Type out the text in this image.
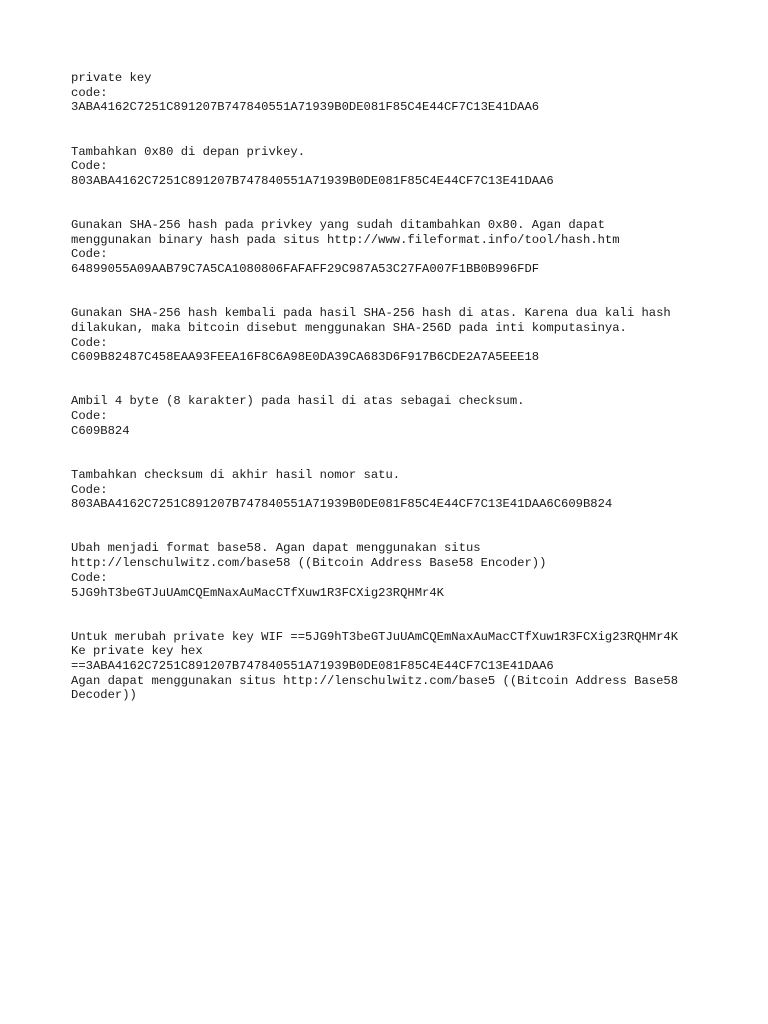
private key
code:
3ABA4162C7251C891207B747840551A71939B0DE081F85C4E44CF7C13E41DAA6
Tambahkan 0x80 di depan privkey.
Code:
803ABA4162C7251C891207B747840551A71939B0DE081F85C4E44CF7C13E41DAA6
Gunakan SHA-256 hash pada privkey yang sudah ditambahkan 0x80. Agan dapat
menggunakan binary hash pada situs http://www.fileformat.info/tool/hash.htm
Code:
64899055A09AAB79C7A5CA1080806FAFAFF29C987A53C27FA007F1BB0B996FDF
Gunakan SHA-256 hash kembali pada hasil SHA-256 hash di atas. Karena dua kali hash
dilakukan, maka bitcoin disebut menggunakan SHA-256D pada inti komputasinya.
Code:
C609B82487C458EAA93FEEA16F8C6A98E0DA39CA683D6F917B6CDE2A7A5EEE18
Ambil 4 byte (8 karakter) pada hasil di atas sebagai checksum.
Code:
C609B824
Tambahkan checksum di akhir hasil nomor satu.
Code:
803ABA4162C7251C891207B747840551A71939B0DE081F85C4E44CF7C13E41DAA6C609B824
Ubah menjadi format base58. Agan dapat menggunakan situs
http://lenschulwitz.com/base58 ((Bitcoin Address Base58 Encoder))
Code:
5JG9hT3beGTJuUAmCQEmNaxAuMacCTfXuw1R3FCXig23RQHMr4K
Untuk merubah private key WIF ==5JG9hT3beGTJuUAmCQEmNaxAuMacCTfXuw1R3FCXig23RQHMr4K
Ke private key hex
==3ABA4162C7251C891207B747840551A71939B0DE081F85C4E44CF7C13E41DAA6
Agan dapat menggunakan situs http://lenschulwitz.com/base5 ((Bitcoin Address Base58
Decoder))
